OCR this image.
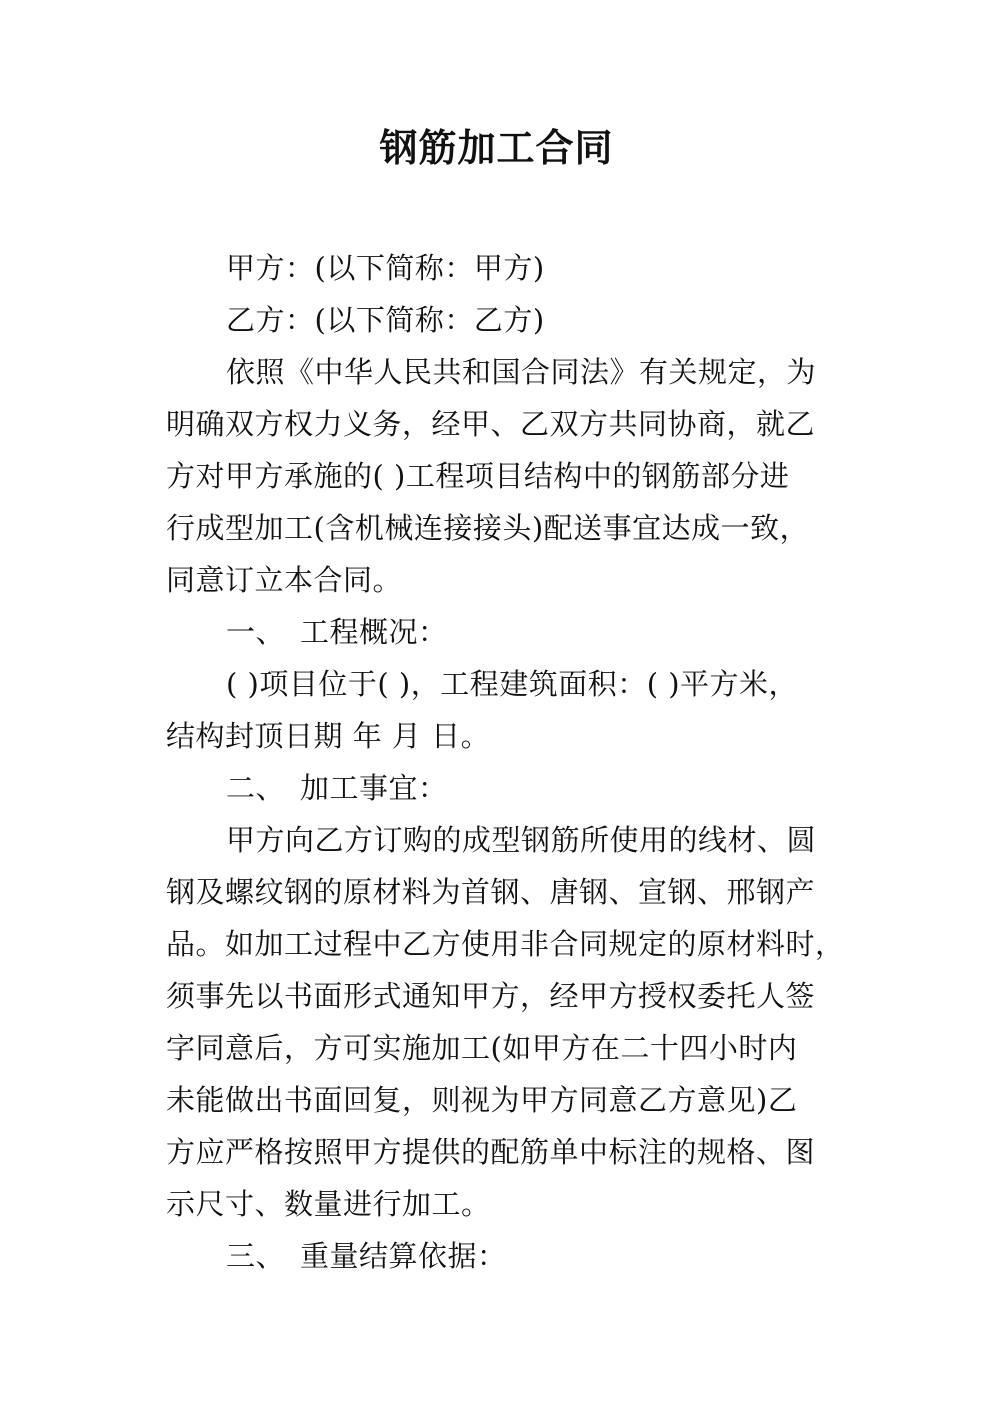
钢筋加工合同
甲方：(以下简称：甲方)
乙方：(以下简称：乙方)
依照《中华人民共和国合同法》有关规定，为
明确双方权力义务，经甲、乙双方共同协商，就乙
方对甲方承施的( )工程项目结构中的钢筋部分进
行成型加工(含机械连接接头)配送事宜达成一致，
同意订立本合同。
一、 工程概况：
( )项目位于( )，工程建筑面积：( )平方米，
结构封顶日期 年 月 日。
二、 加工事宜：
甲方向乙方订购的成型钢筋所使用的线材、圆
钢及螺纹钢的原材料为首钢、唐钢、宣钢、邢钢产
品。如加工过程中乙方使用非合同规定的原材料时，
须事先以书面形式通知甲方，经甲方授权委托人签
字同意后，方可实施加工(如甲方在二十四小时内
未能做出书面回复，则视为甲方同意乙方意见)乙
方应严格按照甲方提供的配筋单中标注的规格、图
示尺寸、数量进行加工。
三、 重量结算依据：
